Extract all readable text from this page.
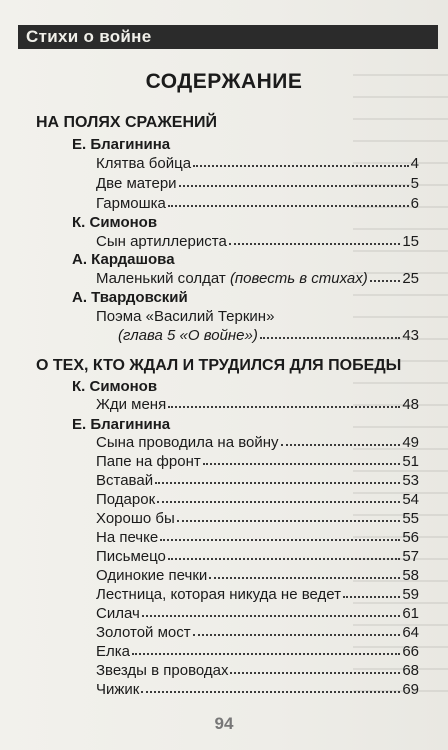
Стихи о войне
СОДЕРЖАНИЕ
НА ПОЛЯХ СРАЖЕНИЙ
Е. Благинина
Клятва бойца	4
Две матери	5
Гармошка	6
К. Симонов
Сын артиллериста	15
А. Кардашова
Маленький солдат (повесть в стихах) 25
А. Твардовский
Поэма «Василий Теркин»
(глава 5 «О войне»)	43
О ТЕХ, КТО ЖДАЛ И ТРУДИЛСЯ ДЛЯ ПОБЕДЫ
К. Симонов
Жди меня	48
Е. Благинина
Сына проводила на войну	49
Папе на фронт	51
Вставай	53
Подарок	54
Хорошо бы	55
На печке	56
Письмецо	57
Одинокие печки	58
Лестница, которая никуда не ведет	59
Силач	61
Золотой мост	64
Елка	66
Звезды в проводах	68
Чижик	69
94
